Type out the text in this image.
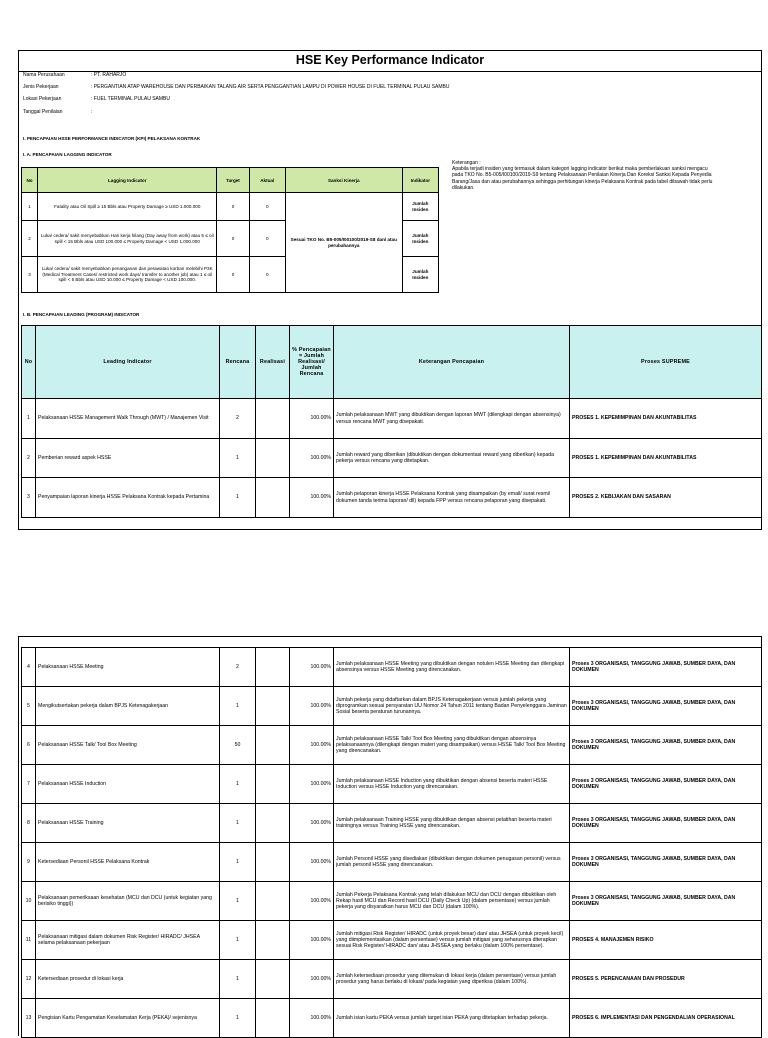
HSE Key Performance Indicator
Nama Perusahaan	: PT. RAHARJO
Jenis Pekerjaan	: PERGANTIAN ATAP WAREHOUSE DAN PERBAIKAN TALANG AIR SERTA PENGGANTIAN LAMPU DI POWER HOUSE DI FUEL TERMINAL PULAU SAMBU
Lokasi Pekerjaan	: FUEL TERMINAL PULAU SAMBU
Tanggal Penilaian	:
I. PENCAPAIAN HSSE PERFORMANCE INDICATOR (KPI) PELAKSANA KONTRAK
I. A. PENCAPAIAN LAGGING INDICATOR
No	Lagging Indicator	Target	Aktual	Sanksi Kinerja	Indikator
1	Fatality atau Oil Spill ≥ 15 Bbls atau Property Damage ≥ USD 1.000.000	0	0	Sesuai TKO No. B5-005/I00100/2019-S8 dan/ atau perubahannya	Jumlah Insiden
2	Luka/ cedera/ sakit menyebabkan Hari kerja hilang (Day away from work) atau 5 ≤ oil spill < 15 Bbls atau USD 100.000 ≤ Property Damage < USD 1.000.000	0	0		Jumlah Insiden
3	Luka/ cedera/ sakit menyebabkan penanganan dan perawatan korban melebihi P3K (Medical Treatment Cases/ restricted work days/ transfer to another job) atau 1 ≤ oil spill < 5 Bbls atau USD 10.000 ≤ Property Damage < USD 100.000.	0	0		Jumlah Insiden
Keterangan :
Apabila terjadi insiden yang termasuk dalam kategori lagging indicator berikut maka pemberlakuan sanksi mengacu pada TKO No. B5-005/I00100/2019-S9 tentang Pelaksanaan Penilaian Kinerja Dan Koreksi Sanksi Kepada Penyedia Barang/Jasa dan atau perubahannya sehingga perhitungan kinerja Pelaksana Kontrak pada tabel dibawah tidak perlu dilakukan.
I. B. PENCAPAIAN LEADING (PROGRAM) INDICATOR
No	Leading Indicator	Rencana	Realisasi	% Pencapaian = Jumlah Realisasi/ Jumlah Rencana	Keterangan Pencapaian	Proses SUPREME
1	Pelaksanaan HSSE Management Walk Through (MWT) / Manajemen Visit	2		100.00%	Jumlah pelaksanaan MWT yang dibuktikan dengan laporan MWT (dilengkapi dengan absensinya) versus rencana MWT yang disepakati.	PROSES 1. KEPEMIMPINAN DAN AKUNTABILITAS
2	Pemberian reward aspek HSSE	1		100.00%	Jumlah reward yang diberikan (dibuktikan dengan dokumentasi reward yang diberikan) kepada pekerja versus rencana yang ditetapkan.	PROSES 1. KEPEMIMPINAN DAN AKUNTABILITAS
3	Penyampaian laporan kinerja HSSE Pelaksana Kontrak kepada Pertamina	1		100.00%	Jumlah pelaporan kinerja HSSE Pelaksana Kontrak yang disampaikan (by email/ surat resmi/ dokumen tanda terima laporan/ dll) kepada FPP versus rencana pelaporan yang disepakati.	PROSES 2. KEBIJAKAN DAN SASARAN
4	Pelaksanaan HSSE Meeting	2		100.00%	Jumlah pelaksanaan HSSE Meeting yang dibuktikan dengan notulen HSSE Meeting dan dilengkapi absensinya versus HSSE Meeting yang direncanakan.	Proses 3 ORGANISASI, TANGGUNG JAWAB, SUMBER DAYA, DAN DOKUMEN
5	Mengikutsertakan pekerja dalam BPJS Ketenagakerjaan	1		100.00%	Jumlah pekerja yang didaftarkan dalam BPJS Ketenagakerjaan versus jumlah pekerja yang diprogramkan sesuai persyaratan UU Nomor 24 Tahun 2011 tentang Badan Penyelenggara Jaminan Sosial beserta peraturan turunannya.	Proses 3 ORGANISASI, TANGGUNG JAWAB, SUMBER DAYA, DAN DOKUMEN
6	Pelaksanaan HSSE Talk/ Tool Box Meeting	50		100.00%	Jumlah pelaksanaan HSSE Talk/ Tool Box Meeting yang dibuktikan dengan absensinya pelaksanaannya (dilengkapi dengan materi yang disampaikan) versus HSSE Talk/ Tool Box Meeting yang direncanakan.	Proses 3 ORGANISASI, TANGGUNG JAWAB, SUMBER DAYA, DAN DOKUMEN
7	Pelaksanaan HSSE Induction	1		100.00%	Jumlah pelaksanaan HSSE Induction yang dibuktikan dengan absensi beserta materi HSSE Induction versus HSSE Induction yang direncanakan.	Proses 3 ORGANISASI, TANGGUNG JAWAB, SUMBER DAYA, DAN DOKUMEN
8	Pelaksanaan HSSE Training	1		100.00%	Jumlah pelaksanaan Training HSSE yang dibuktikan dengan absensi pelatihan beserta materi trainingnya versus Training HSSE yang direncanakan.	Proses 3 ORGANISASI, TANGGUNG JAWAB, SUMBER DAYA, DAN DOKUMEN
9	Ketersediaan Personil HSSE Pelaksana Kontrak	1		100.00%	Jumlah Personil HSSE yang disediakan (dibuktikan dengan dokumen penugasan personil) versus jumlah personil HSSE yang direncanakan.	Proses 3 ORGANISASI, TANGGUNG JAWAB, SUMBER DAYA, DAN DOKUMEN
10	Pelaksanaan pemeriksaan kesehatan (MCU dan DCU (untuk kegiatan yang berisiko tinggi))	1		100.00%	Jumlah Pekerja Pelaksana Kontrak yang telah dilakukan MCU dan DCU dengan dibuktikan oleh Rekap hasil MCU dan Record hasil DCU (Daily Check Up) (dalam persentase) versus jumlah pekerja yang disyaratkan harus MCU dan DCU (dalam 100%).	Proses 3 ORGANISASI, TANGGUNG JAWAB, SUMBER DAYA, DAN DOKUMEN
11	Pelaksanaan mitigasi dalam dokumen Risk Register/ HIRADC/ JHSEA selama pelaksanaan pekerjaan	1		100.00%	Jumlah mitigasi Risk Register/ HIRADC (untuk proyek besar) dan/ atau JHSEA (untuk proyek kecil) yang diimplementasikan (dalam persentase) versus jumlah mitigasi yang seharusnya diterapkan sesuai Risk Register/ HIRADC dan/ atau JHSSEA yang berlaku (dalam 100% persentase).	PROSES 4. MANAJEMEN RISIKO
12	Ketersediaan prosedur di lokasi kerja	1		100.00%	Jumlah ketersediaan prosedur yang ditemukan di lokasi kerja (dalam persentase) versus jumlah prosedur yang harus berlaku di lokasi/ pada kegiatan yang diperiksa (dalam 100%).	PROSES 5. PERENCANAAN DAN PROSEDUR
13	Pengisian Kartu Pengamatan Keselamatan Kerja (PEKA)/ sejenisnya	1		100.00%	Jumlah isian kartu PEKA versus jumlah target isian PEKA yang ditetapkan terhadap pekerja.	PROSES 6. IMPLEMENTASI DAN PENGENDALIAN OPERASIONAL
